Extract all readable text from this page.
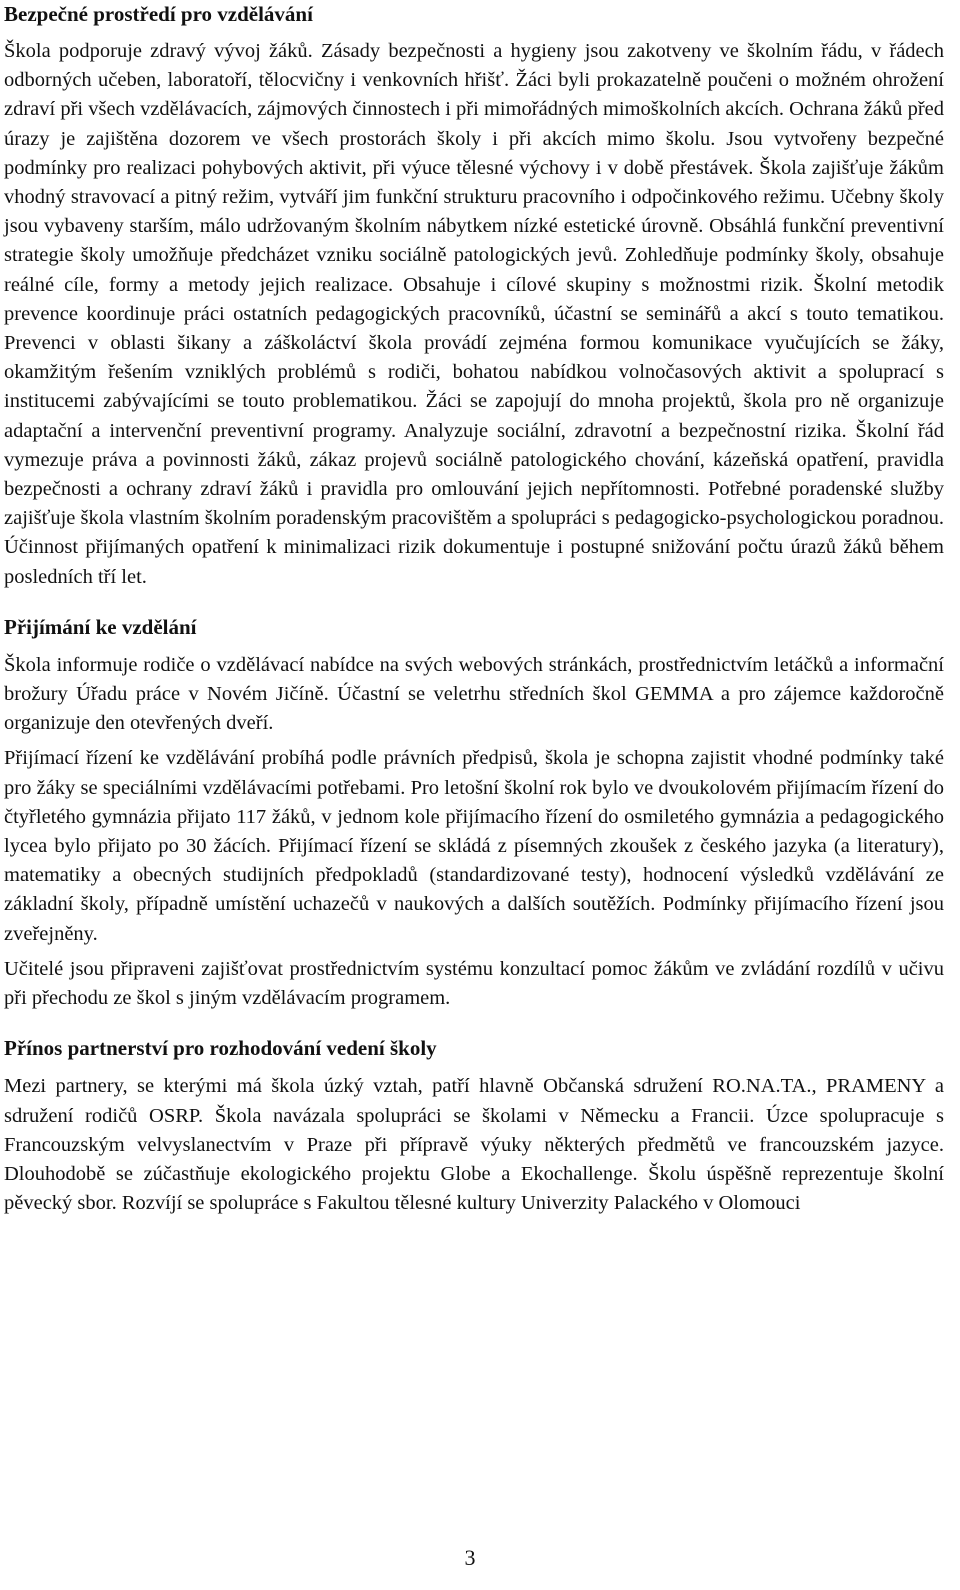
Bezpečné prostředí pro vzdělávání

Škola podporuje zdravý vývoj žáků. Zásady bezpečnosti a hygieny jsou zakotveny ve školním řádu, v řádech odborných učeben, laboratoří, tělocvičny i venkovních hřišť. Žáci byli prokazatelně poučeni o možném ohrožení zdraví při všech vzdělávacích, zájmových činnostech i při mimořádných mimoškolních akcích. Ochrana žáků před úrazy je zajištěna dozorem ve všech prostorách školy i při akcích mimo školu. Jsou vytvořeny bezpečné podmínky pro realizaci pohybových aktivit, při výuce tělesné výchovy i v době přestávek. Škola zajišťuje žákům vhodný stravovací a pitný režim, vytváří jim funkční strukturu pracovního i odpočinkového režimu. Učebny školy jsou vybaveny starším, málo udržovaným školním nábytkem nízké estetické úrovně. Obsáhlá funkční preventivní strategie školy umožňuje předcházet vzniku sociálně patologických jevů. Zohledňuje podmínky školy, obsahuje reálné cíle, formy a metody jejich realizace. Obsahuje i cílové skupiny s možnostmi rizik. Školní metodik prevence koordinuje práci ostatních pedagogických pracovníků, účastní se seminářů a akcí s touto tematikou. Prevenci v oblasti šikany a záškoláctví škola provádí zejména formou komunikace vyučujících se žáky, okamžitým řešením vzniklých problémů s rodiči, bohatou nabídkou volnočasových aktivit a spoluprací s institucemi zabývajícími se touto problematikou. Žáci se zapojují do mnoha projektů, škola pro ně organizuje adaptační a intervenční preventivní programy. Analyzuje sociální, zdravotní a bezpečnostní rizika. Školní řád vymezuje práva a povinnosti žáků, zákaz projevů sociálně patologického chování, kázeňská opatření, pravidla bezpečnosti a ochrany zdraví žáků i pravidla pro omlouvání jejich nepřítomnosti. Potřebné poradenské služby zajišťuje škola vlastním školním poradenským pracovištěm a spolupráci s pedagogicko-psychologickou poradnou. Účinnost přijímaných opatření k minimalizaci rizik dokumentuje i postupné snižování počtu úrazů žáků během posledních tří let.

Přijímání ke vzdělání

Škola informuje rodiče o vzdělávací nabídce na svých webových stránkách, prostřednictvím letáčků a informační brožury Úřadu práce v Novém Jičíně. Účastní se veletrhu středních škol GEMMA a pro zájemce každoročně organizuje den otevřených dveří.

Přijímací řízení ke vzdělávání probíhá podle právních předpisů, škola je schopna zajistit vhodné podmínky také pro žáky se speciálními vzdělávacími potřebami. Pro letošní školní rok bylo ve dvoukolovém přijímacím řízení do čtyřletého gymnázia přijato 117 žáků, v jednom kole přijímacího řízení do osmiletého gymnázia a pedagogického lycea bylo přijato po 30 žácích. Přijímací řízení se skládá z písemných zkoušek z českého jazyka (a literatury), matematiky a obecných studijních předpokladů (standardizované testy), hodnocení výsledků vzdělávání ze základní školy, případně umístění uchazečů v naukových a dalších soutěžích. Podmínky přijímacího řízení jsou zveřejněny.

Učitelé jsou připraveni zajišťovat prostřednictvím systému konzultací pomoc žákům ve zvládání rozdílů v učivu při přechodu ze škol s jiným vzdělávacím programem.

Přínos partnerství pro rozhodování vedení školy

Mezi partnery, se kterými má škola úzký vztah, patří hlavně Občanská sdružení RO.NA.TA., PRAMENY a sdružení rodičů OSRP. Škola navázala spolupráci se školami v Německu a Francii. Úzce spolupracuje s Francouzským velvyslanectvím v Praze při přípravě výuky některých předmětů ve francouzském jazyce. Dlouhodobě se zúčastňuje ekologického projektu Globe a Ekochallenge. Školu úspěšně reprezentuje školní pěvecký sbor. Rozvíjí se spolupráce s Fakultou tělesné kultury Univerzity Palackého v Olomouci

3
